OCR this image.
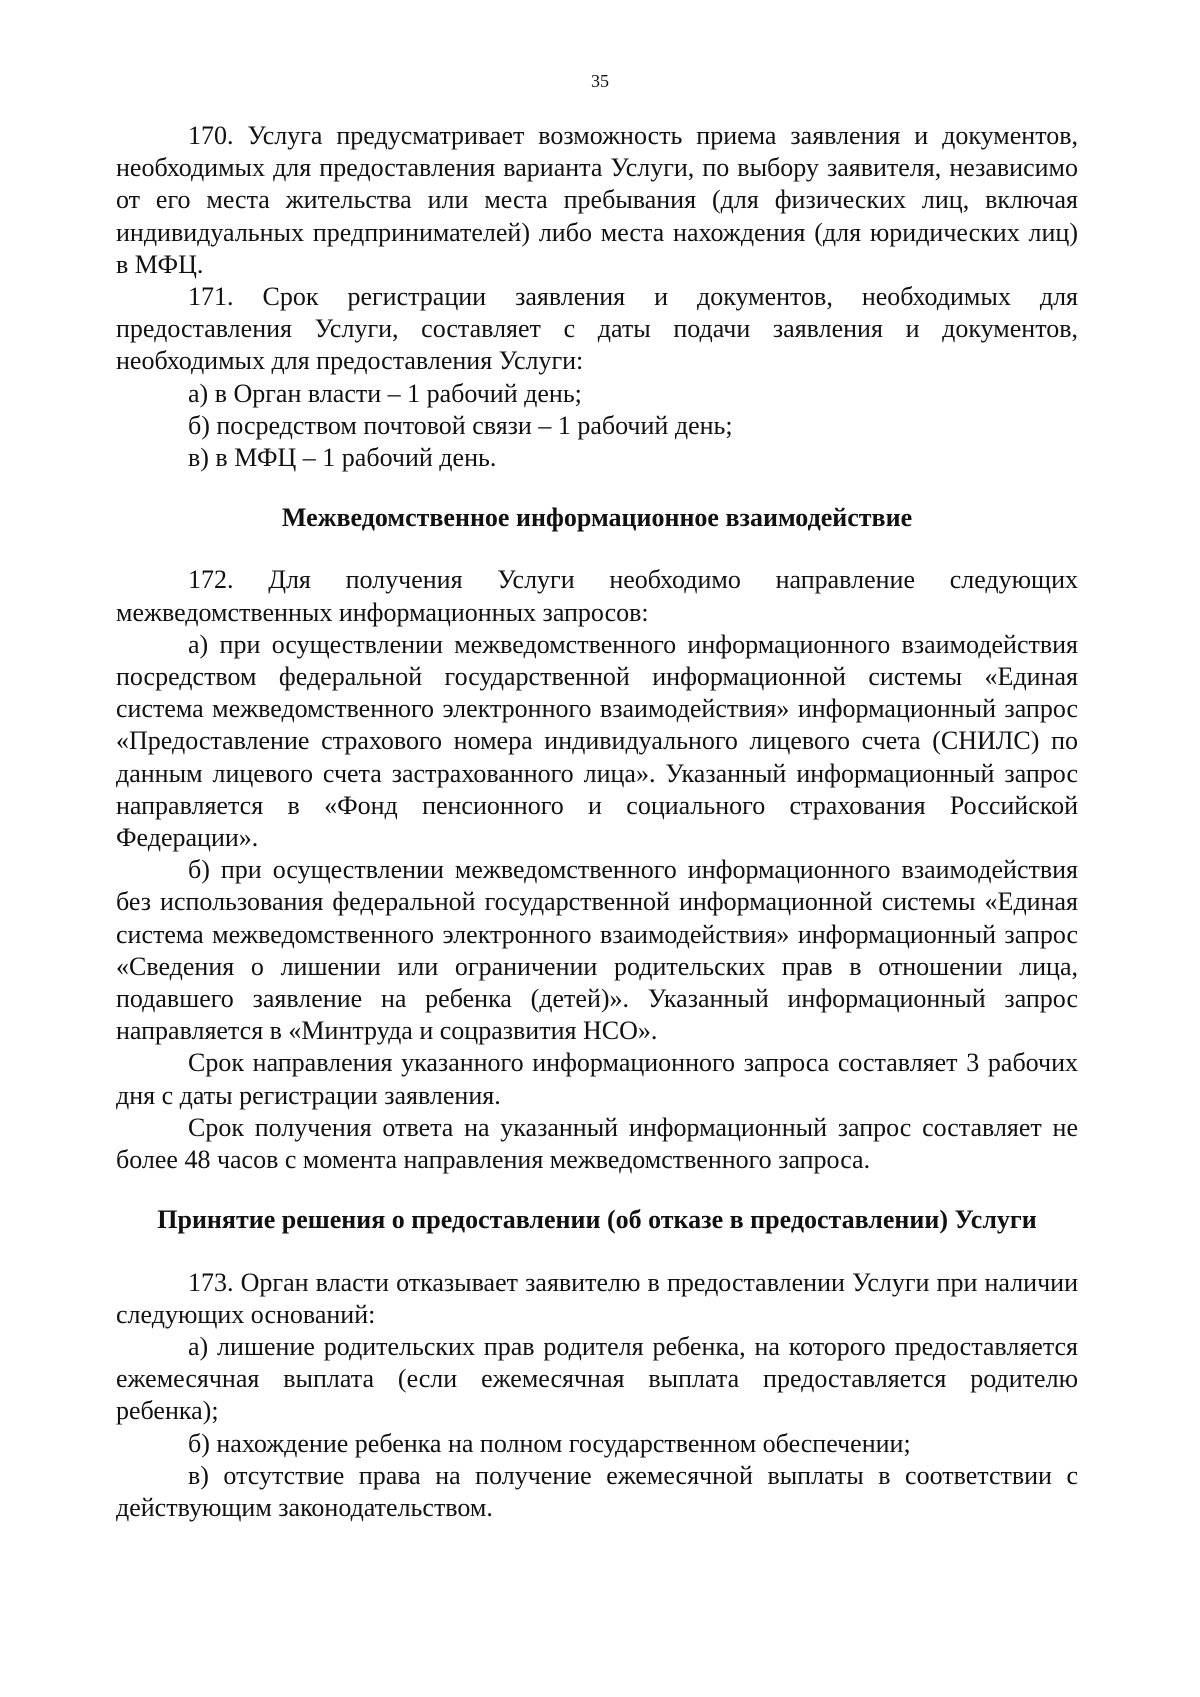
35

170. Услуга предусматривает возможность приема заявления и документов, необходимых для предоставления варианта Услуги, по выбору заявителя, независимо от его места жительства или места пребывания (для физических лиц, включая индивидуальных предпринимателей) либо места нахождения (для юридических лиц) в МФЦ.

171. Срок регистрации заявления и документов, необходимых для предоставления Услуги, составляет с даты подачи заявления и документов, необходимых для предоставления Услуги:

а) в Орган власти – 1 рабочий день;

б) посредством почтовой связи – 1 рабочий день;

в) в МФЦ – 1 рабочий день.

Межведомственное информационное взаимодействие

172. Для получения Услуги необходимо направление следующих межведомственных информационных запросов:

а) при осуществлении межведомственного информационного взаимодействия посредством федеральной государственной информационной системы «Единая система межведомственного электронного взаимодействия» информационный запрос «Предоставление страхового номера индивидуального лицевого счета (СНИЛС) по данным лицевого счета застрахованного лица». Указанный информационный запрос направляется в «Фонд пенсионного и социального страхования Российской Федерации».

б) при осуществлении межведомственного информационного взаимодействия без использования федеральной государственной информационной системы «Единая система межведомственного электронного взаимодействия» информационный запрос «Сведения о лишении или ограничении родительских прав в отношении лица, подавшего заявление на ребенка (детей)». Указанный информационный запрос направляется в «Минтруда и соцразвития НСО».

Срок направления указанного информационного запроса составляет 3 рабочих дня с даты регистрации заявления.

Срок получения ответа на указанный информационный запрос составляет не более 48 часов с момента направления межведомственного запроса.

Принятие решения о предоставлении (об отказе в предоставлении) Услуги

173. Орган власти отказывает заявителю в предоставлении Услуги при наличии следующих оснований:

а) лишение родительских прав родителя ребенка, на которого предоставляется ежемесячная выплата (если ежемесячная выплата предоставляется родителю ребенка);

б) нахождение ребенка на полном государственном обеспечении;

в) отсутствие права на получение ежемесячной выплаты в соответствии с действующим законодательством.
